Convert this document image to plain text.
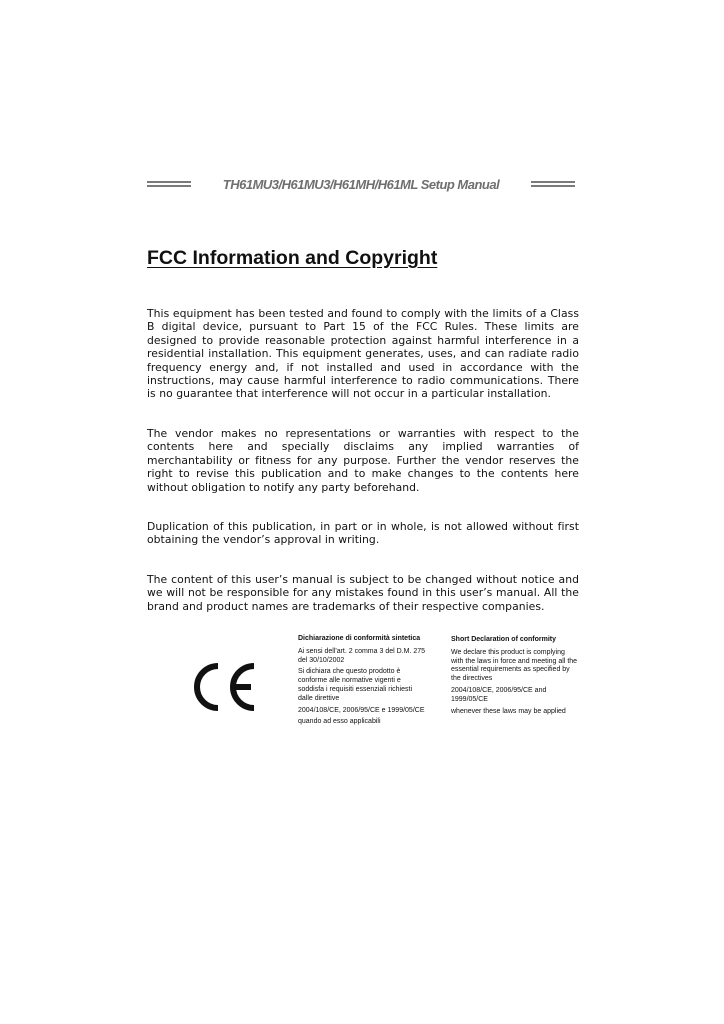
TH61MU3/H61MU3/H61MH/H61ML Setup Manual
FCC Information and Copyright

This equipment has been tested and found to comply with the limits of a Class B digital device, pursuant to Part 15 of the FCC Rules. These limits are designed to provide reasonable protection against harmful interference in a residential installation. This equipment generates, uses, and can radiate radio frequency energy and, if not installed and used in accordance with the instructions, may cause harmful interference to radio communications. There is no guarantee that interference will not occur in a particular installation.

The vendor makes no representations or warranties with respect to the contents here and specially disclaims any implied warranties of merchantability or fitness for any purpose. Further the vendor reserves the right to revise this publication and to make changes to the contents here without obligation to notify any party beforehand.

Duplication of this publication, in part or in whole, is not allowed without first obtaining the vendor’s approval in writing.

The content of this user’s manual is subject to be changed without notice and we will not be responsible for any mistakes found in this user’s manual. All the brand and product names are trademarks of their respective companies.

Dichiarazione di conformità sintetica

Ai sensi dell'art. 2 comma 3 del D.M. 275 del 30/10/2002

Si dichiara che questo prodotto è conforme alle normative vigenti e soddisfa i requisiti essenziali richiesti dalle direttive

2004/108/CE, 2006/95/CE e 1999/05/CE

quando ad esso applicabili

Short Declaration of conformity

We declare this product is complying with the laws in force and meeting all the essential requirements as specified by the directives

2004/108/CE, 2006/95/CE and 1999/05/CE

whenever these laws may be applied
